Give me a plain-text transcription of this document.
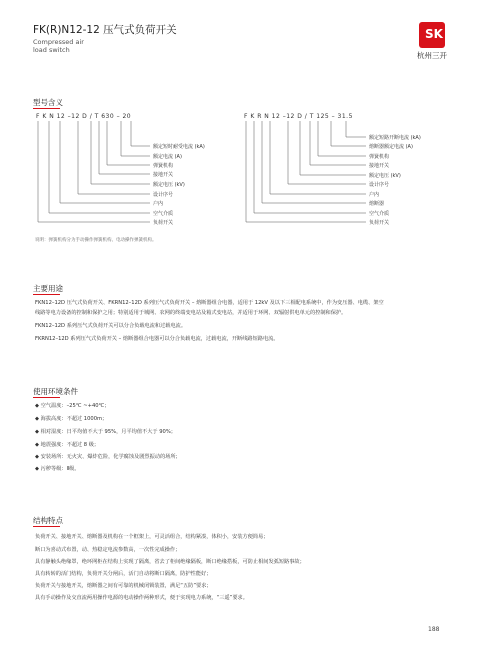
FK(R)N12-12 压气式负荷开关
Compressed air
load switch
SK
杭州三开
型号含义
F K N 12 –12 D / T 630 – 20	F K R N 12 –12 D / T 125 – 31.5
额定短时耐受电流 (kA)
额定电流 (A)
弹簧机构
接地开关
额定电压 (kV)
设计序号
户内
空气介质
负荷开关
额定短路开断电流 (kA)
熔断器额定电流 (A)
弹簧机构
接地开关
额定电压 (kV)
设计序号
户内
熔断器
空气介质
负荷开关
说明：弹簧机构分为手动操作弹簧机构、电动操作弹簧机构。
主要用途
FKN12–12D 压气式负荷开关、FKRN12–12D 系列压气式负荷开关 – 熔断器组合电器，适用于 12kV 及以下三相配电系统中，作为变压器、电缆、架空
线路等电力设备的控制和保护之用；特别适用于城网、农网的终端变电站及箱式变电站，并适用于环网、双辐射供电单元的控制和保护。
FKN12–12D 系列压气式负荷开关可以分合负载电流和过载电流。
FKRN12–12D 系列压气式负荷开关 – 熔断器组合电器可以分合负载电流，过载电流，开断线路短路电流。
使用环境条件
◆ 空气温度：–25℃ ~+40℃；
◆ 海拔高度：不超过 1000m；
◆ 相对湿度：日平均值不大于 95%，月平均值不大于 90%；
◆ 地震强度：不超过 8 级；
◆ 安装场所：无火灾、爆炸危险，化学腐蚀及剧烈振动的场所；
◆ 污秽等级：Ⅱ级。
结构特点
负荷开关、接地开关、熔断器及机构在一个框架上，可灵活组合，结构紧凑，体积小，安装方便简易；
断口为喜动式布置，动、热稳定电流参数高，一次性完成操作；
具有静触头绝缘罩，绝环网柜在结构上实现了隔离，省去了柜间绝缘隔板，断口绝缘搭板，可防止相间发弧短路事故；
具有转转的活门结构，负荷开关分闸后，活门自动将断口隔离，防护性能好；
负荷开关与接地开关，熔断器之间有可靠的机械闭锁装置，满足“五防”要求；
具有手动操作及交直流两用操作电源的电动操作两种形式，便于实现电力系统，“三遥”要求。
188
